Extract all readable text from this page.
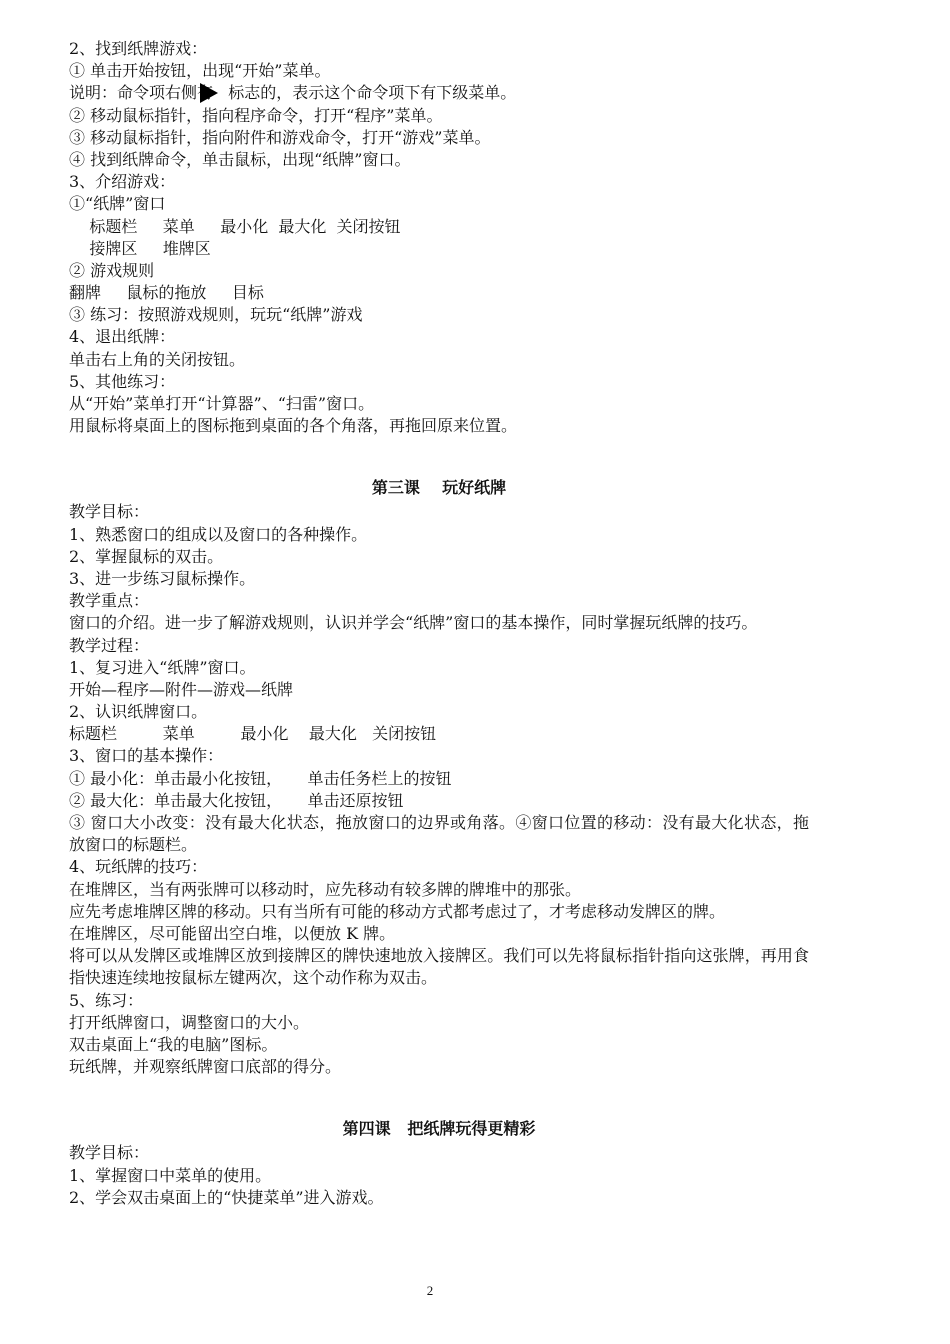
2、找到纸牌游戏：
① 单击开始按钮，出现“开始”菜单。
说明：命令项右侧有   标志的，表示这个命令项下有下级菜单。
② 移动鼠标指针，指向程序命令，打开“程序”菜单。
③ 移动鼠标指针，指向附件和游戏命令，打开“游戏”菜单。
④ 找到纸牌命令，单击鼠标，出现“纸牌”窗口。
3、介绍游戏：
①“纸牌”窗口
标题栏     菜单     最小化  最大化  关闭按钮
接牌区     堆牌区
② 游戏规则
翻牌     鼠标的拖放     目标
③ 练习：按照游戏规则，玩玩“纸牌”游戏
4、退出纸牌：
单击右上角的关闭按钮。
5、其他练习：
从“开始”菜单打开“计算器”、“扫雷”窗口。
用鼠标将桌面上的图标拖到桌面的各个角落，再拖回原来位置。
第三课    玩好纸牌
教学目标：
1、熟悉窗口的组成以及窗口的各种操作。
2、掌握鼠标的双击。
3、进一步练习鼠标操作。
教学重点：
窗口的介绍。进一步了解游戏规则，认识并学会“纸牌”窗口的基本操作，同时掌握玩纸牌的技巧。
教学过程：
1、复习进入“纸牌”窗口。
开始—程序—附件—游戏—纸牌
2、认识纸牌窗口。
标题栏         菜单         最小化    最大化   关闭按钮
3、窗口的基本操作：
① 最小化：单击最小化按钮，     单击任务栏上的按钮
② 最大化：单击最大化按钮，     单击还原按钮
③ 窗口大小改变：没有最大化状态，拖放窗口的边界或角落。④窗口位置的移动：没有最大化状态，拖放窗口的标题栏。
4、玩纸牌的技巧：
在堆牌区，当有两张牌可以移动时，应先移动有较多牌的牌堆中的那张。
应先考虑堆牌区牌的移动。只有当所有可能的移动方式都考虑过了，才考虑移动发牌区的牌。
在堆牌区，尽可能留出空白堆，以便放 K 牌。
将可以从发牌区或堆牌区放到接牌区的牌快速地放入接牌区。我们可以先将鼠标指针指向这张牌，再用食指快速连续地按鼠标左键两次，这个动作称为双击。
5、练习：
打开纸牌窗口，调整窗口的大小。
双击桌面上“我的电脑”图标。
玩纸牌，并观察纸牌窗口底部的得分。
第四课   把纸牌玩得更精彩
教学目标：
1、掌握窗口中菜单的使用。
2、学会双击桌面上的“快捷菜单”进入游戏。
2
